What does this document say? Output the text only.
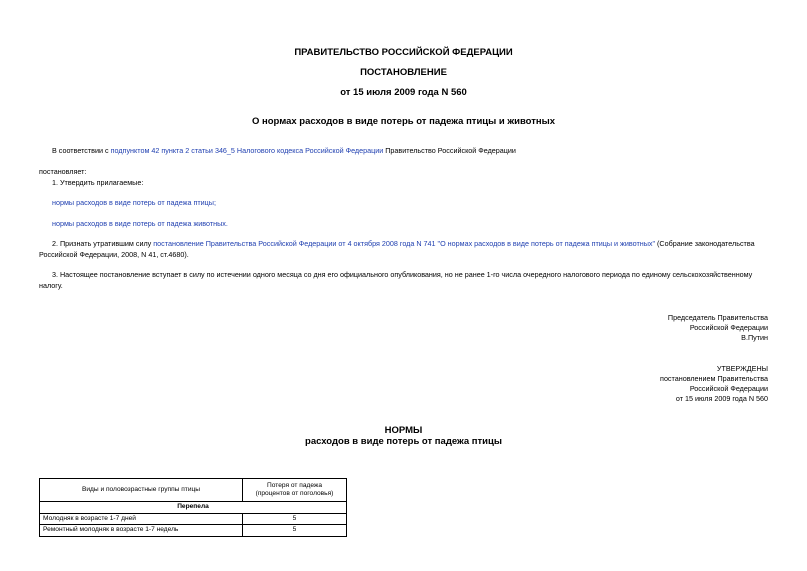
ПРАВИТЕЛЬСТВО РОССИЙСКОЙ ФЕДЕРАЦИИ
ПОСТАНОВЛЕНИЕ
от 15 июля 2009 года N 560
О нормах расходов в виде потерь от падежа птицы и животных
В соответствии с подпунктом 42 пункта 2 статьи 346_5 Налогового кодекса Российской Федерации Правительство Российской Федерации
постановляет:
1. Утвердить прилагаемые:
нормы расходов в виде потерь от падежа птицы;
нормы расходов в виде потерь от падежа животных.
2. Признать утратившим силу постановление Правительства Российской Федерации от 4 октября 2008 года N 741 "О нормах расходов в виде потерь от падежа птицы и животных" (Собрание законодательства
Российской Федерации, 2008, N 41, ст.4680).
3. Настоящее постановление вступает в силу по истечении одного месяца со дня его официального опубликования, но не ранее 1-го числа очередного налогового периода по единому сельскохозяйственному
налогу.
Председатель Правительства
Российской Федерации
В.Путин
УТВЕРЖДЕНЫ
постановлением Правительства
Российской Федерации
от 15 июля 2009 года N 560
НОРМЫ
расходов в виде потерь от падежа птицы
Виды и половозрастные группы птицы	Потеря от падежа
(процентов от поголовья)

Перепела	
Молодняк в возрасте 1-7 дней	5
Ремонтный молодняк в возрасте 1-7 недель	5
